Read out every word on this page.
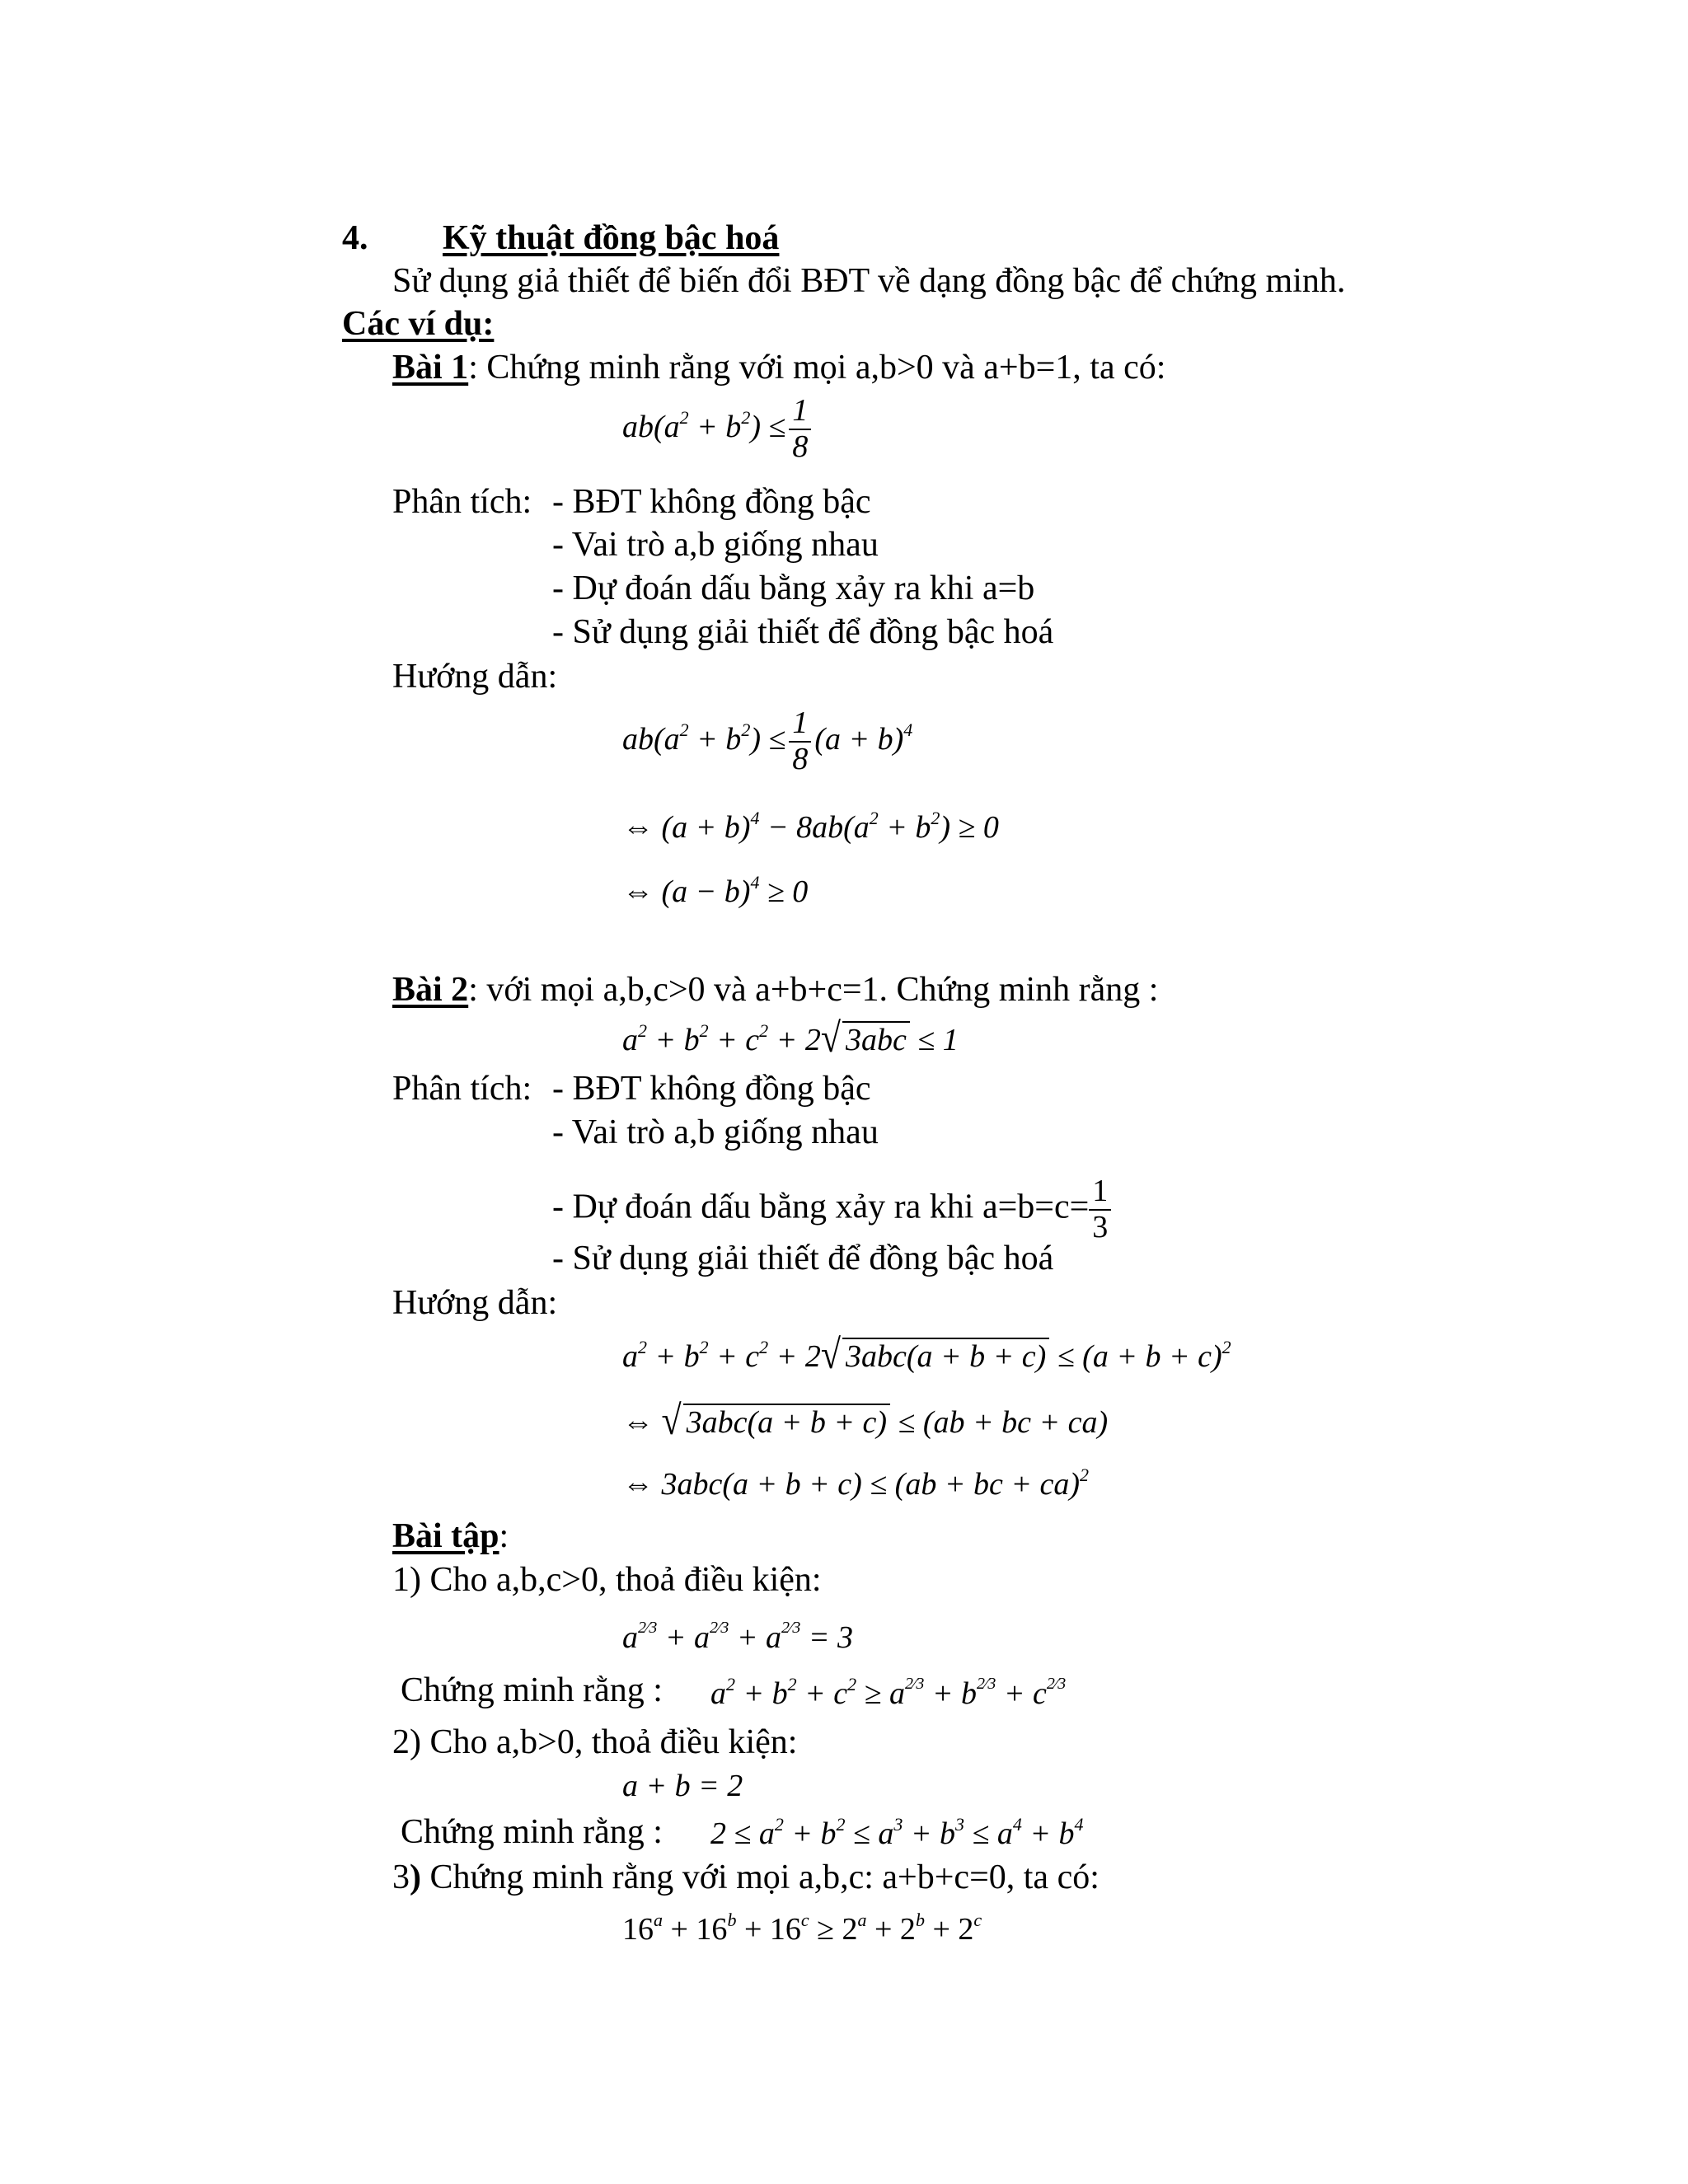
4. Kỹ thuật đồng bậc hoá
Sử dụng giả thiết để biến đổi BĐT về dạng đồng bậc để chứng minh.
Các ví dụ:
Bài 1: Chứng minh rằng với mọi a,b>0 và a+b=1, ta có:
$ab(a^2 + b^2) \le \frac{1}{8}$
Phân tích: - BĐT không đồng bậc
- Vai trò a,b giống nhau
- Dự đoán dấu bằng xảy ra khi a=b
- Sử dụng giải thiết để đồng bậc hoá
Hướng dẫn:
$ab(a^2 + b^2) \le \frac{1}{8} (a + b)^4$
⇔ $(a + b)^4 - 8ab(a^2 + b^2) \ge 0$
⇔ $(a - b)^4 \ge 0$
Bài 2: với mọi a,b,c>0 và a+b+c=1. Chứng minh rằng :
$a^2 + b^2 + c^2 + 2√$ 3abc ≤ 1
Phân tích: - BĐT không đồng bậc
- Vai trò a,b giống nhau
- Dự đoán dấu bằng xảy ra khi $a=b=c= \frac{1}{3}$
- Sử dụng giải thiết để đồng bậc hoá
Hướng dẫn:
$a^2 + b^2 + c^2 + 2√$ $3abc(a + b + c) \le (a + b + c)^2$
⇔ √ 3abc(a + b + c) ≤ (ab + bc + ca)
⇔ 3abc(a + b + c) ≤ (ab + bc + ca)$^2$
Bài tập:
1) Cho a,b,c>0, thoả điều kiện:
$a^{2⁄3} + a^{2⁄3} + a^{2⁄3} = 3$
Chứng minh rằng : $a^2 + b^2 + c^2 \ge a^{2⁄3} + b^{2⁄3} + c^{2⁄3}$
2) Cho a,b>0, thoả điều kiện:
a + b = 2
Chứng minh rằng : $2 \le a^2 + b^2 \le a^3 + b^3 \le a^4 + b^4$
3) Chứng minh rằng với mọi a,b,c: a+b+c=0, ta có:
$16^a + 16^b + 16^c \ge 2^a + 2^b + 2^c$
